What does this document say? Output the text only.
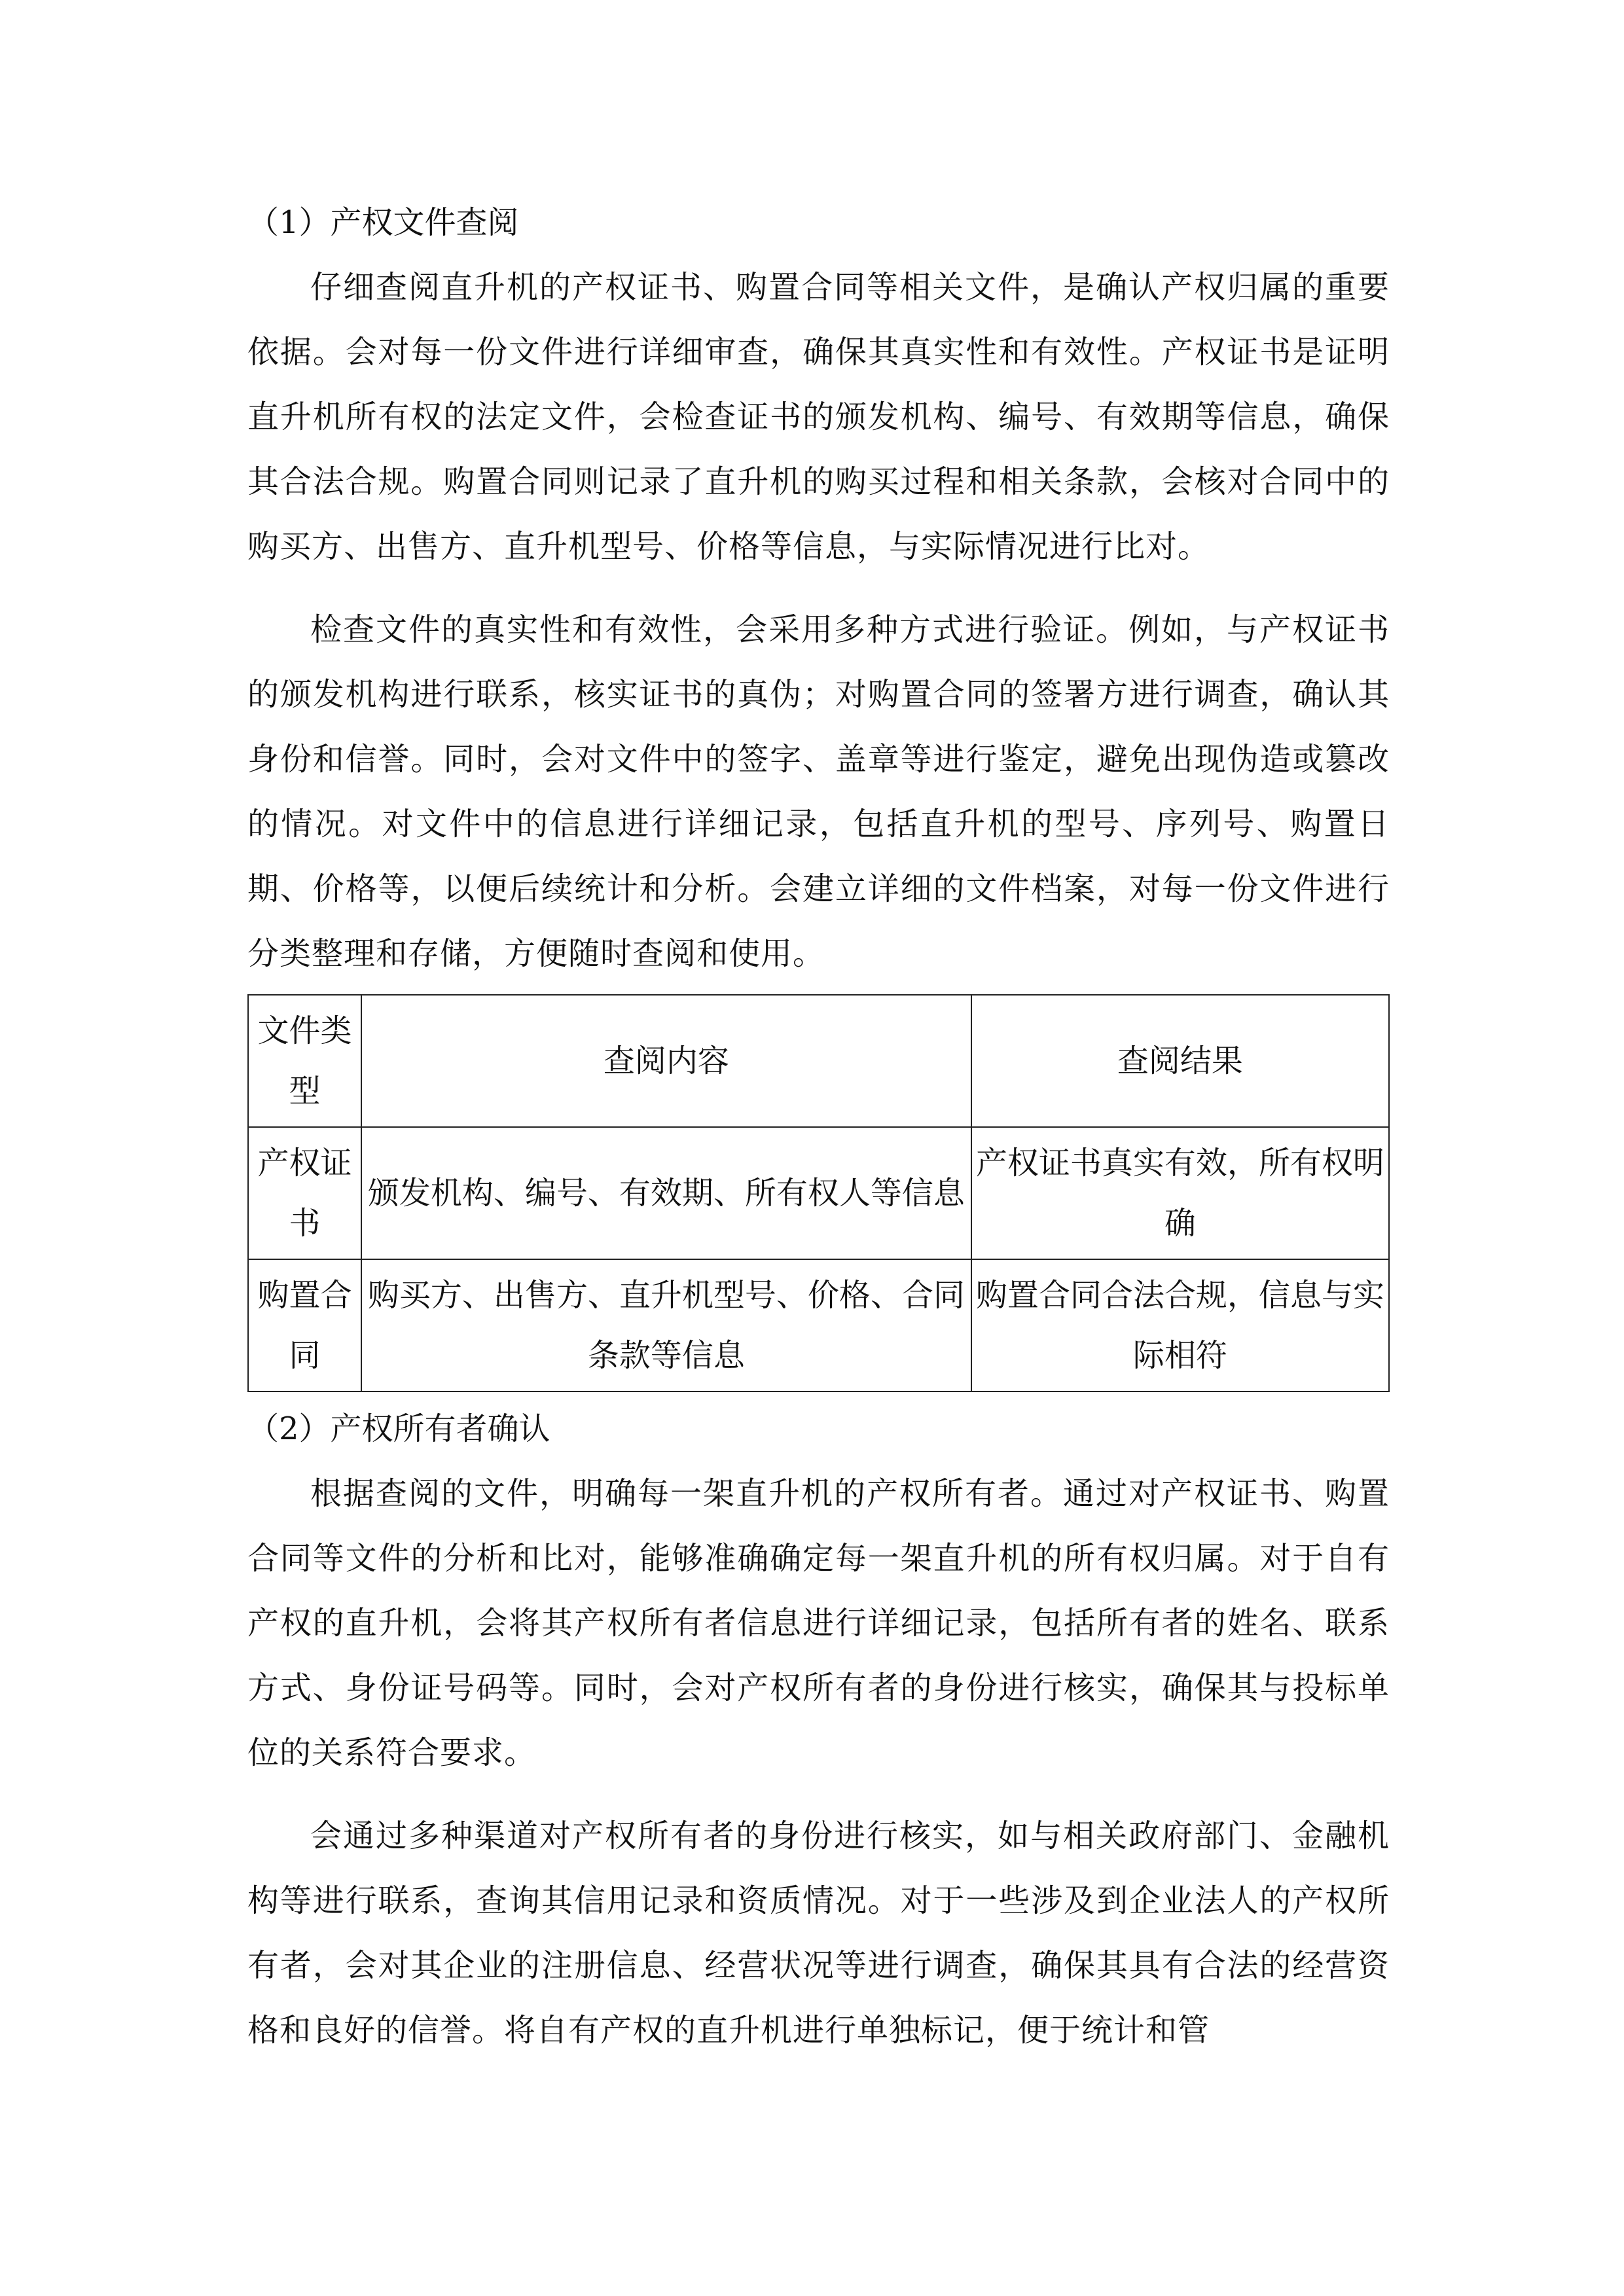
（1）产权文件查阅

仔细查阅直升机的产权证书、购置合同等相关文件，是确认产权归属的重要依据。会对每一份文件进行详细审查，确保其真实性和有效性。产权证书是证明直升机所有权的法定文件，会检查证书的颁发机构、编号、有效期等信息，确保其合法合规。购置合同则记录了直升机的购买过程和相关条款，会核对合同中的购买方、出售方、直升机型号、价格等信息，与实际情况进行比对。

检查文件的真实性和有效性，会采用多种方式进行验证。例如，与产权证书的颁发机构进行联系，核实证书的真伪；对购置合同的签署方进行调查，确认其身份和信誉。同时，会对文件中的签字、盖章等进行鉴定，避免出现伪造或篡改的情况。对文件中的信息进行详细记录，包括直升机的型号、序列号、购置日期、价格等，以便后续统计和分析。会建立详细的文件档案，对每一份文件进行分类整理和存储，方便随时查阅和使用。

文件类型	查阅内容	查阅结果
产权证书	颁发机构、编号、有效期、所有权人等信息	产权证书真实有效，所有权明确
购置合同	购买方、出售方、直升机型号、价格、合同条款等信息	购置合同合法合规，信息与实际相符

（2）产权所有者确认

根据查阅的文件，明确每一架直升机的产权所有者。通过对产权证书、购置合同等文件的分析和比对，能够准确确定每一架直升机的所有权归属。对于自有产权的直升机，会将其产权所有者信息进行详细记录，包括所有者的姓名、联系方式、身份证号码等。同时，会对产权所有者的身份进行核实，确保其与投标单位的关系符合要求。

会通过多种渠道对产权所有者的身份进行核实，如与相关政府部门、金融机构等进行联系，查询其信用记录和资质情况。对于一些涉及到企业法人的产权所有者，会对其企业的注册信息、经营状况等进行调查，确保其具有合法的经营资格和良好的信誉。将自有产权的直升机进行单独标记，便于统计和管
